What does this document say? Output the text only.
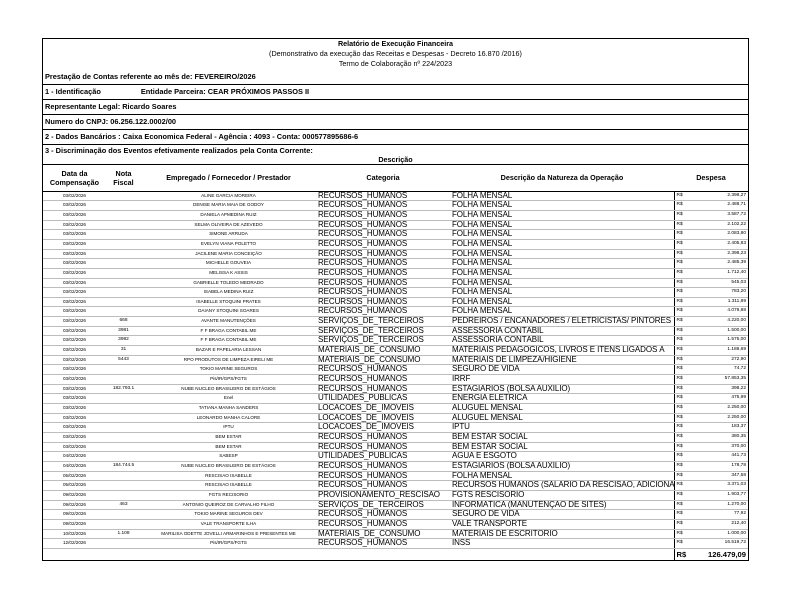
Relatório de Execução Financeira
(Demonstrativo da execução das Receitas e Despesas - Decreto 16.870 /2016)
Termo de Colaboração nº 224/2023
Prestação de Contas referente ao mês de: FEVEREIRO/2026
1 - Identificação	Entidade Parceira: CEAR PRÓXIMOS PASSOS II
Representante Legal: Ricardo Soares
Numero do CNPJ: 06.256.122.0002/00
2 - Dados Bancários : Caixa Economica Federal - Agência : 4093 - Conta: 000577895686-6
3 - Discriminação dos Eventos efetivamente realizados pela Conta Corrente:
Descrição
Data da Compensação	Nota Fiscal	Empregado / Fornecedor / Prestador	Categoria	Descrição da Natureza da Operação	Despesa	
03/02/2026		ALINE GARCIA MOREIRA	RECURSOS_HUMANOS	FOLHA MENSAL	R$	2.398,27
03/02/2026		DENISE MARIA MAIA DE GODOY	RECURSOS_HUMANOS	FOLHA MENSAL	R$	2.488,71
03/02/2026		DANIELA APMEDINA RUIZ	RECURSOS_HUMANOS	FOLHA MENSAL	R$	3.587,72
03/02/2026		SELMA OLIVEIRA DE AZEVEDO	RECURSOS_HUMANOS	FOLHA MENSAL	R$	2.102,22
03/02/2026		SIMONE ARRUDA	RECURSOS_HUMANOS	FOLHA MENSAL	R$	2.083,80
03/02/2026		EVELYN VIANA POLETTO	RECURSOS_HUMANOS	FOLHA MENSAL	R$	2.405,83
03/02/2026		JACILENE MARIA CONCEIÇÃO	RECURSOS_HUMANOS	FOLHA MENSAL	R$	2.398,23
03/02/2026		MICHELLE GOUVEIA	RECURSOS_HUMANOS	FOLHA MENSAL	R$	2.485,39
03/02/2026		MELISSA K ASSIS	RECURSOS_HUMANOS	FOLHA MENSAL	R$	1.712,40
03/02/2026		GABRIELLE TOLEDO MEDRADO	RECURSOS_HUMANOS	FOLHA MENSAL	R$	545,03
03/02/2026		ISABELA MEDINA RUIZ	RECURSOS_HUMANOS	FOLHA MENSAL	R$	783,20
03/02/2026		ISABELLE STOQUINI PRATES	RECURSOS_HUMANOS	FOLHA MENSAL	R$	1.311,89
03/02/2026		DAIANY STOQUINI SOARES	RECURSOS_HUMANOS	FOLHA MENSAL	R$	4.079,88
03/02/2026	668	AVANTE MANUTENÇÕES	SERVIÇOS_DE_TERCEIROS	PEDREIROS / ENCANADORES / ELETRICISTAS/ PINTORES	R$	4.220,00
03/02/2026	3981	F F BRAGA CONTABIL ME	SERVIÇOS_DE_TERCEIROS	ASSESSORIA CONTÁBIL	R$	1.500,00
03/02/2026	3982	F F BRAGA CONTABIL ME	SERVIÇOS_DE_TERCEIROS	ASSESSORIA CONTÁBIL	R$	1.575,00
03/02/2026	31	BAZAR E PAPELARIA LESSAN	MATERIAIS_DE_CONSUMO	MATERIAIS PEDAGÓGICOS, LIVROS E ITENS LIGADOS À	R$	1.188,69
03/02/2026	5443	RPO PRODUTOS DE LIMPEZA EIRELI ME	MATERIAIS_DE_CONSUMO	MATERIAIS DE LIMPEZA/HIGIENE	R$	272,90
03/02/2026		TOKIO MARINE SEGUROS	RECURSOS_HUMANOS	SEGURO DE VIDA	R$	74,72
03/02/2026		Pis/IR/GPS/FGTS	RECURSOS_HUMANOS	IRRF	R$	57.853,35
03/02/2026	182.793.1	NUBE NUCLEO BRASILEIRO DE ESTÁGIOS	RECURSOS_HUMANOS	ESTAGIÁRIOS (BOLSA AUXÍLIO)	R$	398,22
03/02/2026		Enel	UTILIDADES_PUBLICAS	ENERGIA ELÉTRICA	R$	475,99
03/02/2026		TATIANA MANHA SANDERS	LOCACOES_DE_IMOVEIS	ALUGUEL MENSAL	R$	2.250,00
03/02/2026		LEONARDO MANHA CALORE	LOCACOES_DE_IMOVEIS	ALUGUEL MENSAL	R$	2.250,00
03/02/2026		IPTU	LOCACOES_DE_IMOVEIS	IPTU	R$	183,37
03/02/2026		BEM ESTAR	RECURSOS_HUMANOS	BEM ESTAR SOCIAL	R$	380,35
03/02/2026		BEM ESTAR	RECURSOS_HUMANOS	BEM ESTAR SOCIAL	R$	370,00
04/02/2026		SABESP	UTILIDADES_PUBLICAS	ÁGUA E ESGOTO	R$	441,73
04/02/2026	184.744.5	NUBE NUCLEO BRASILEIRO DE ESTÁGIOS	RECURSOS_HUMANOS	ESTAGIÁRIOS (BOLSA AUXÍLIO)	R$	178,78
05/02/2026		RESCISAO ISABELLE	RECURSOS_HUMANOS	FOLHA MENSAL	R$	347,58
05/02/2026		RESCISAO ISABELLE	RECURSOS_HUMANOS	RECURSOS HUMANOS (SALÁRIO DA RESCISÃO, ADICIONA	R$	3.371,03
09/02/2026		FGTS RECISORIO	PROVISIONAMENTO_RESCISAO	FGTS RESCISÓRIO	R$	1.903,77
09/02/2026	463	ANTONIO QUEIROZ DE CARVALHO FILHO	SERVIÇOS_DE_TERCEIROS	INFORMÁTICA (MANUTENÇÃO DE SITES)	R$	1.270,00
09/02/2026		TOKIO MARINE SEGUROS DEV	RECURSOS_HUMANOS	SEGURO DE VIDA	R$	77,92
09/02/2026		VALE TRANSPORTE ILHA	RECURSOS_HUMANOS	VALE TRANSPORTE	R$	212,40
10/02/2026	1.108	MARILISA ODETTE JOVELLI ARMARINHOS E PRESENTES ME	MATERIAIS_DE_CONSUMO	MATERIAIS DE ESCRITÓRIO	R$	1.000,00
12/02/2026		Pis/IR/GPS/FGTS	RECURSOS_HUMANOS	INSS	R$	16.519,72
					R$	126.479,09
